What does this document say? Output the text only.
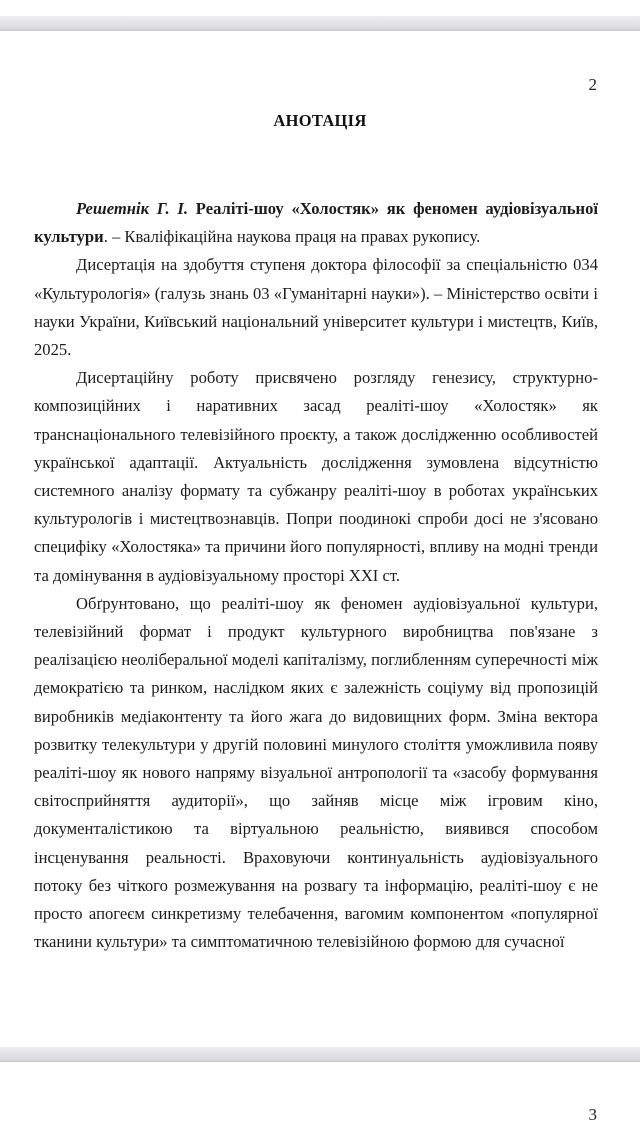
2
АНОТАЦІЯ

Решетнік Г. І. Реаліті-шоу «Холостяк» як феномен аудіовізуальної культури. – Кваліфікаційна наукова праця на правах рукопису.

Дисертація на здобуття ступеня доктора філософії за спеціальністю 034 «Культурологія» (галузь знань 03 «Гуманітарні науки»). – Міністерство освіти і науки України, Київський національний університет культури і мистецтв, Київ, 2025.

Дисертаційну роботу присвячено розгляду генезису, структурно-композиційних і наративних засад реаліті-шоу «Холостяк» як транснаціонального телевізійного проєкту, а також дослідженню особливостей української адаптації. Актуальність дослідження зумовлена відсутністю системного аналізу формату та субжанру реаліті-шоу в роботах українських культурологів і мистецтвознавців. Попри поодинокі спроби досі не з'ясовано специфіку «Холостяка» та причини його популярності, впливу на модні тренди та домінування в аудіовізуальному просторі XXI ст.

Обґрунтовано, що реаліті-шоу як феномен аудіовізуальної культури, телевізійний формат і продукт культурного виробництва пов'язане з реалізацією неоліберальної моделі капіталізму, поглибленням суперечності між демократією та ринком, наслідком яких є залежність соціуму від пропозицій виробників медіаконтенту та його жага до видовищних форм. Зміна вектора розвитку телекультури у другій половині минулого століття уможливила появу реаліті-шоу як нового напряму візуальної антропології та «засобу формування світосприйняття аудиторії», що зайняв місце між ігровим кіно, документалістикою та віртуальною реальністю, виявився способом інсценування реальності. Враховуючи континуальність аудіовізуального потоку без чіткого розмежування на розвагу та інформацію, реаліті-шоу є не просто апогеєм синкретизму телебачення, вагомим компонентом «популярної тканини культури» та симптоматичною телевізійною формою для сучасної

3
